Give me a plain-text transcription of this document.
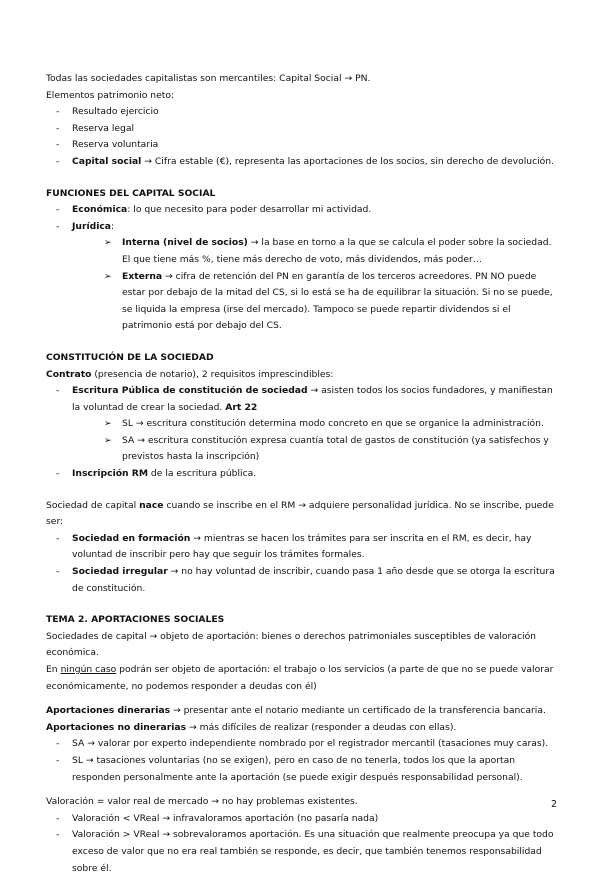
Todas las sociedades capitalistas son mercantiles: Capital Social → PN.

Elementos patrimonio neto:

- Resultado ejercicio
- Reserva legal
- Reserva voluntaria
- Capital social → Cifra estable (€), representa las aportaciones de los socios, sin derecho de devolución.

FUNCIONES DEL CAPITAL SOCIAL

- Económica: lo que necesito para poder desarrollar mi actividad.
- Jurídica:
➢ Interna (nivel de socios) → la base en torno a la que se calcula el poder sobre la sociedad. El que tiene más %, tiene más derecho de voto, más dividendos, más poder…
➢ Externa → cifra de retención del PN en garantía de los terceros acreedores. PN NO puede estar por debajo de la mitad del CS, si lo está se ha de equilibrar la situación. Si no se puede, se liquida la empresa (irse del mercado). Tampoco se puede repartir dividendos si el patrimonio está por debajo del CS.

CONSTITUCIÓN DE LA SOCIEDAD

Contrato (presencia de notario), 2 requisitos imprescindibles:

- Escritura Pública de constitución de sociedad → asisten todos los socios fundadores, y manifiestan la voluntad de crear la sociedad. Art 22
➢ SL → escritura constitución determina modo concreto en que se organice la administración.
➢ SA → escritura constitución expresa cuantía total de gastos de constitución (ya satisfechos y previstos hasta la inscripción)
- Inscripción RM de la escritura pública.

Sociedad de capital nace cuando se inscribe en el RM → adquiere personalidad jurídica. No se inscribe, puede ser:

- Sociedad en formación → mientras se hacen los trámites para ser inscrita en el RM, es decir, hay voluntad de inscribir pero hay que seguir los trámites formales.
- Sociedad irregular → no hay voluntad de inscribir, cuando pasa 1 año desde que se otorga la escritura de constitución.

TEMA 2. APORTACIONES SOCIALES

Sociedades de capital → objeto de aportación: bienes o derechos patrimoniales susceptibles de valoración económica.

En ningún caso podrán ser objeto de aportación: el trabajo o los servicios (a parte de que no se puede valorar económicamente, no podemos responder a deudas con él)

Aportaciones dinerarias → presentar ante el notario mediante un certificado de la transferencia bancaria.

Aportaciones no dinerarias → más difíciles de realizar (responder a deudas con ellas).

- SA → valorar por experto independiente nombrado por el registrador mercantil (tasaciones muy caras).
- SL → tasaciones voluntarias (no se exigen), pero en caso de no tenerla, todos los que la aportan responden personalmente ante la aportación (se puede exigir después responsabilidad personal).

Valoración = valor real de mercado → no hay problemas existentes.

- Valoración < VReal → infravaloramos aportación (no pasaría nada)
- Valoración > VReal → sobrevaloramos aportación. Es una situación que realmente preocupa ya que todo exceso de valor que no era real también se responde, es decir, que también tenemos responsabilidad sobre él.
2
